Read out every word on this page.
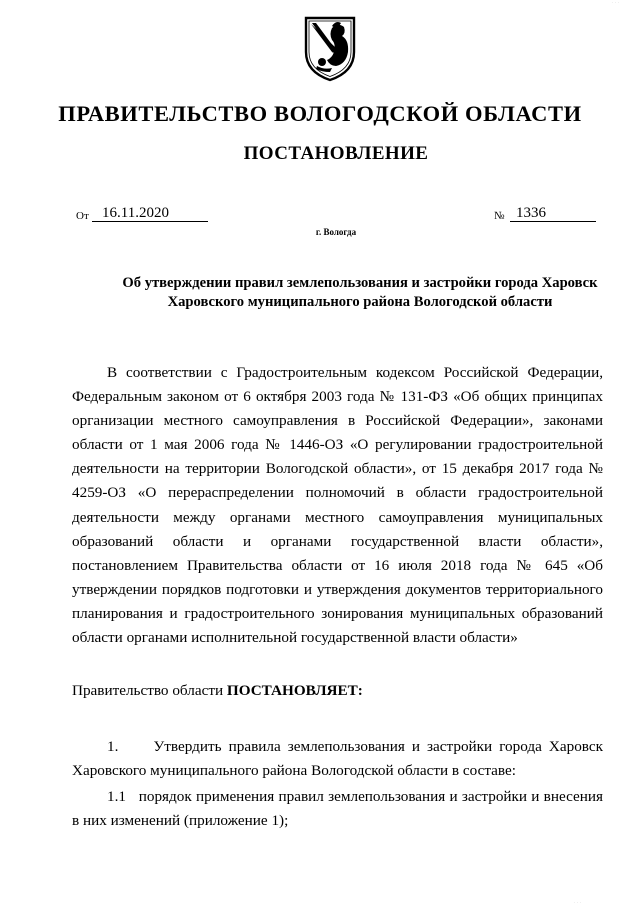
· · ·
ПРАВИТЕЛЬСТВО ВОЛОГОДСКОЙ ОБЛАСТИ
ПОСТАНОВЛЕНИЕ
От 16.11.2020
г. Вологда
№ 1336
Об утверждении правил землепользования и застройки города Харовск
Харовского муниципального района Вологодской области
В соответствии с Градостроительным кодексом Российской Федерации, Федеральным законом от 6 октября 2003 года № 131-ФЗ «Об общих принципах организации местного самоуправления в Российской Федерации», законами области от 1 мая 2006 года № 1446-ОЗ «О регулировании градостроительной деятельности на территории Вологодской области», от 15 декабря 2017 года № 4259-ОЗ «О перераспределении полномочий в области градостроительной деятельности между органами местного самоуправления муниципальных образований области и органами государственной власти области», постановлением Правительства области от 16 июля 2018 года № 645 «Об утверждении порядков подготовки и утверждения документов территориального планирования и градостроительного зонирования муниципальных образований области органами исполнительной государственной власти области»
Правительство области ПОСТАНОВЛЯЕТ:
1. Утвердить правила землепользования и застройки города Харовск Харовского муниципального района Вологодской области в составе:
1.1 порядок применения правил землепользования и застройки и внесения в них изменений (приложение 1);
· · ·
